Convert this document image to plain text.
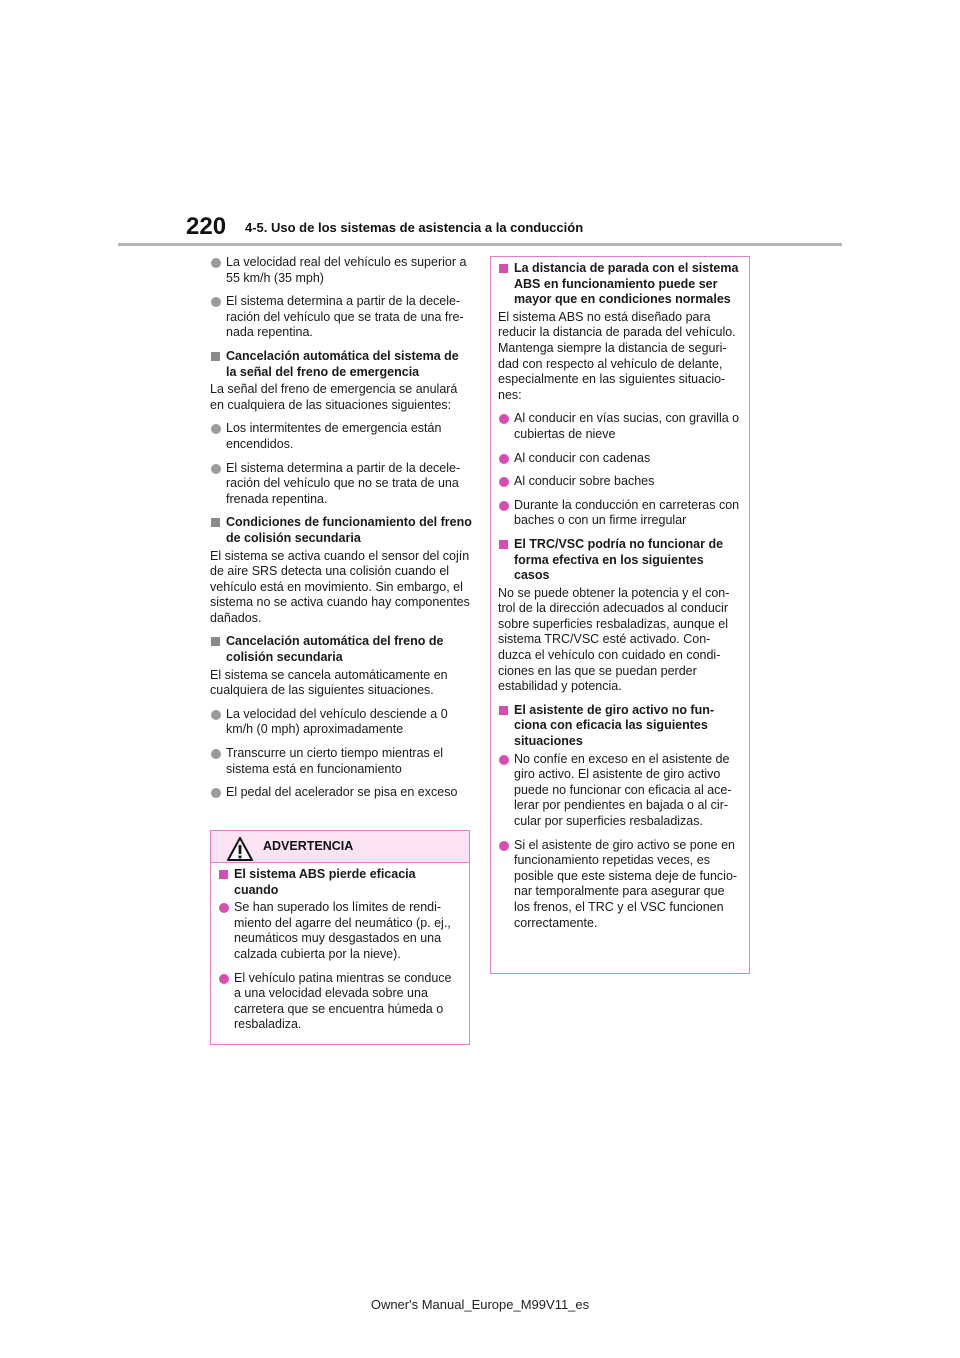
220 4-5. Uso de los sistemas de asistencia a la conducción
La velocidad real del vehículo es superior a 55 km/h (35 mph)
El sistema determina a partir de la decele-ración del vehículo que se trata de una fre-nada repentina.
Cancelación automática del sistema de la señal del freno de emergencia
La señal del freno de emergencia se anulará en cualquiera de las situaciones siguientes:
Los intermitentes de emergencia están encendidos.
El sistema determina a partir de la decele-ración del vehículo que no se trata de una frenada repentina.
Condiciones de funcionamiento del freno de colisión secundaria
El sistema se activa cuando el sensor del cojín de aire SRS detecta una colisión cuando el vehículo está en movimiento. Sin embargo, el sistema no se activa cuando hay componentes dañados.
Cancelación automática del freno de colisión secundaria
El sistema se cancela automáticamente en cualquiera de las siguientes situaciones.
La velocidad del vehículo desciende a 0 km/h (0 mph) aproximadamente
Transcurre un cierto tiempo mientras el sistema está en funcionamiento
El pedal del acelerador se pisa en exceso
ADVERTENCIA
El sistema ABS pierde eficacia cuando
Se han superado los límites de rendi-miento del agarre del neumático (p. ej., neumáticos muy desgastados en una calzada cubierta por la nieve).
El vehículo patina mientras se conduce a una velocidad elevada sobre una carretera que se encuentra húmeda o resbaladiza.
La distancia de parada con el sistema ABS en funcionamiento puede ser mayor que en condiciones normales
El sistema ABS no está diseñado para reducir la distancia de parada del vehículo. Mantenga siempre la distancia de seguri-dad con respecto al vehículo de delante, especialmente en las siguientes situacio-nes:
Al conducir en vías sucias, con gravilla o cubiertas de nieve
Al conducir con cadenas
Al conducir sobre baches
Durante la conducción en carreteras con baches o con un firme irregular
El TRC/VSC podría no funcionar de forma efectiva en los siguientes casos
No se puede obtener la potencia y el con-trol de la dirección adecuados al conducir sobre superficies resbaladizas, aunque el sistema TRC/VSC esté activado. Con-duzca el vehículo con cuidado en condi-ciones en las que se puedan perder estabilidad y potencia.
El asistente de giro activo no fun-ciona con eficacia las siguientes situaciones
No confíe en exceso en el asistente de giro activo. El asistente de giro activo puede no funcionar con eficacia al ace-lerar por pendientes en bajada o al cir-cular por superficies resbaladizas.
Si el asistente de giro activo se pone en funcionamiento repetidas veces, es posible que este sistema deje de funcio-nar temporalmente para asegurar que los frenos, el TRC y el VSC funcionen correctamente.
Owner's Manual_Europe_M99V11_es
